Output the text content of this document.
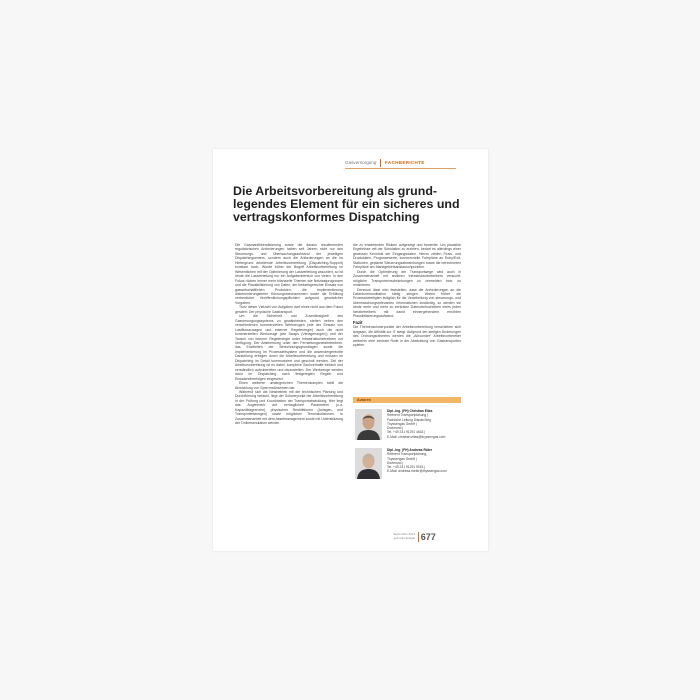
Gasversorgung FACHBERICHTE
Die Arbeitsvorbereitung als grund-
legendes Element für ein sicheres und
vertragskonformes Dispatching

Die Gasmarktliberalisierung sowie die daraus resultierenden regulatorischen Anforderungen haben seit Jahren nicht nur den Steuerungs- und Überwachungsaufwand der jeweiligen Dispatchingcenters, sondern auch die Anforderungen an die im Hintergrund arbeitende Arbeitsvorbereitung (Dispatching-Support) konstant hoch. Wurde früher der Begriff Arbeitsvorbereitung im Wesentlichen mit der Optimierung der Lastverteilung assoziiert, so ist heute die Lastverteilung nur ein Aufgabenbereich von vielen. In den Fokus rücken immer mehr bilanzielle Themen wie Netzlastprognosen und die Plausibilisierung von Daten, der bedarfsgerechte Einsatz von gaswirtschaftlichen Produkten, die Implementierung diskriminierungsfreier Kürzungsmechanismen sowie die Erfüllung vertrenlicher Veröffentlichungspflichten aufgrund gesetzlicher Vorgaben.

Trotz dieser Vielzahl von Aufgaben darf eines nicht aus dem Fokus geraten: Der physische Gastransport.

Um die Sicherheit und Zuverlässigkeit des Gasversorgungssystems zu gewährleisten, stehen neben den verschiedenen kommerziellen Werkzeugen (wie der Einsatz von Lastflusszusagen und externer Regelenergie) auch die nicht kommerziellen Werkzeuge (wie Swaps (Verlagerungen)) und der Tausch von interner Regelenergie unter Infrastrukturbetreibern zur Verfügung. Der Abstimmung unter den Fernleitungsnetzbetreibern, das Erarbeiten der Berechnungsgrundlagen sowie die Implementierung im Prozessleitsystem und die anwendergerechte Darstellung erfolgen durch die Arbeitsvorbereitung und müssen im Dispatching im Detail kommuniziert und geschult werden. Ziel der Arbeitsvorbereitung ist es dabei, komplexe Sachverhalte einfach und verständlich aufzubereiten und darzustellen. Der Werkzeuge werden dann im Dispatching nach festgelegten Regeln und Einsatzreihenfolgen eingesetzt.

Einen weiteren umfangreichen Themenkomplex stellt die Abwicklung von Sperrmaßnahmen dar.

Während sich die Netzbetrieb mit der technischen Planung und Durchführung befasst, liegt der Schwerpunkt der Arbeitsvorbereitung in der Prüfung und Koordination der Transportabwicklung. Hier liegt das Augenmerk auf vertraglichen Parametern (u.a. Kapazitätsgrenzen), physischen Restriktionen (Anlagen- und Transportleistungen) sowie möglichen Terminkollisionen. In Zusammenarbeit mit dem Assetmanagement sowie mit Unterstützung der Onlinesimulation werden

die zu erwartenden Risiken aufgezeigt und bewertet. Um plausible Ergebnisse mit der Simulation zu erzielen, bedarf es allerdings einer gewissen Kenntnis der Eingangsdaten. Hierzu zählen Fluss- und Druckdaten, Prognosewerte, kommerzielle Fahrpläne an Entry/Exit-Stationen, geplante Steuerungsabweichungen sowie die berechneten Fahrpläne am Marktgebietsaustauschpunkten.

Durch die Optimierung der Transportwege wird auch in Zusammenarbeit mit anderen Infrastrukturbetreibern versucht, mögliche Transporteinschränkungen zu vermeiden bzw. zu minimieren.

Dennoch lässt sich feststellen, dass die Anforderungen an die Datenkommunikation stetig steigen. Waren früher die Prozessbeteiligten lediglich für die Verarbeitung von steuerungs- und übermaschungsrelevanten Informationen zuständig, so werden sie heute mehr und mehr zu zentralen Datendrehscheiben eines jeden Netzbetreibers mit damit einhergehendem erhöhten Plausibilisierungsaufwand.

Fazit

Die Themenschwerpunkte der Arbeitsvorbereitung verschieben sich langsam, die Affinität zur IT steigt. Aufgrund der stetigen Änderungen des Ordnungsrahmens werden die „Allrounder“ Arbeitsvorbereiter weiterhin eine zentrale Rolle in der Abwicklung von Gastransporten spielen.

Autoren
Dipl.-Ing. (FH) Christian Elias
Referent Transportplanung |
Fachliche Leitung Dispatching
Thyssengas GmbH |
Dortmund |
Tel. +49 231 91291 4643 |
E-Mail: christian.elias@thyssengas.com
Dipl.-Ing. (FH) Andreas Rüter
Referent Transportplanung,
Thyssengas GmbH |
Dortmund |
Tel. +49 231 91291 9015 |
E-Mail: andreas.rueter@thyssengas.com
September 2013
gwf-Gas Erdgas 677
